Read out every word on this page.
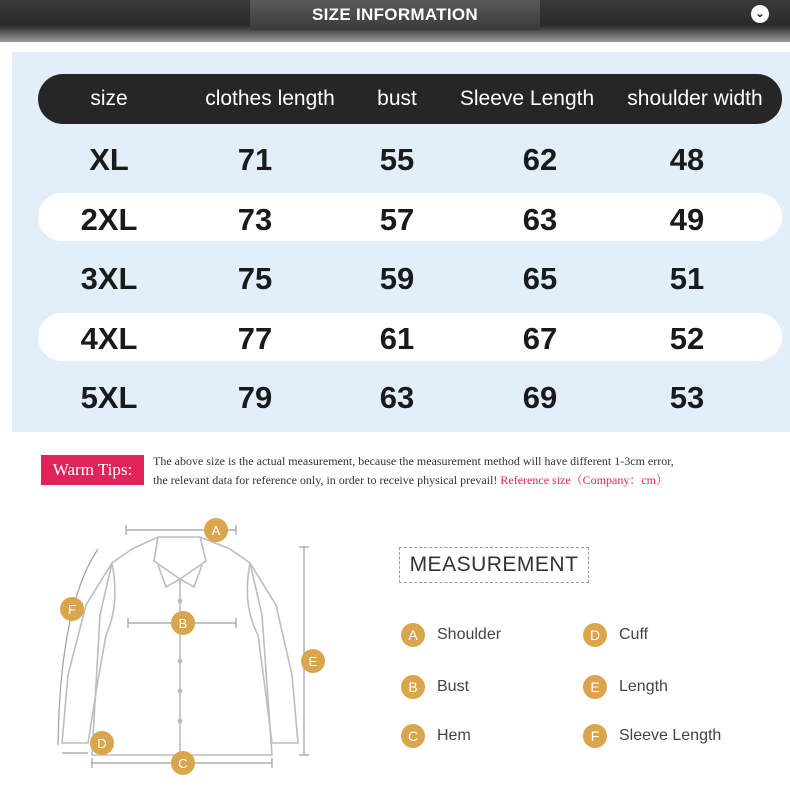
SIZE INFORMATION	⌄
size	clothes length	bust	Sleeve Length	shoulder width
XL	71	55	62	48
2XL	73	57	63	49
3XL	75	59	65	51
4XL	77	61	67	52
5XL	79	63	69	53
Warm Tips:	The above size is the actual measurement, because the measurement method will have different 1-3cm error,
the relevant data for reference only, in order to receive physical prevail! Reference size（Company：cm）
A
B
C
D
E
F
MEASUREMENT
A	Shoulder
B	Bust
C	Hem
D	Cuff
E	Length
F	Sleeve Length
